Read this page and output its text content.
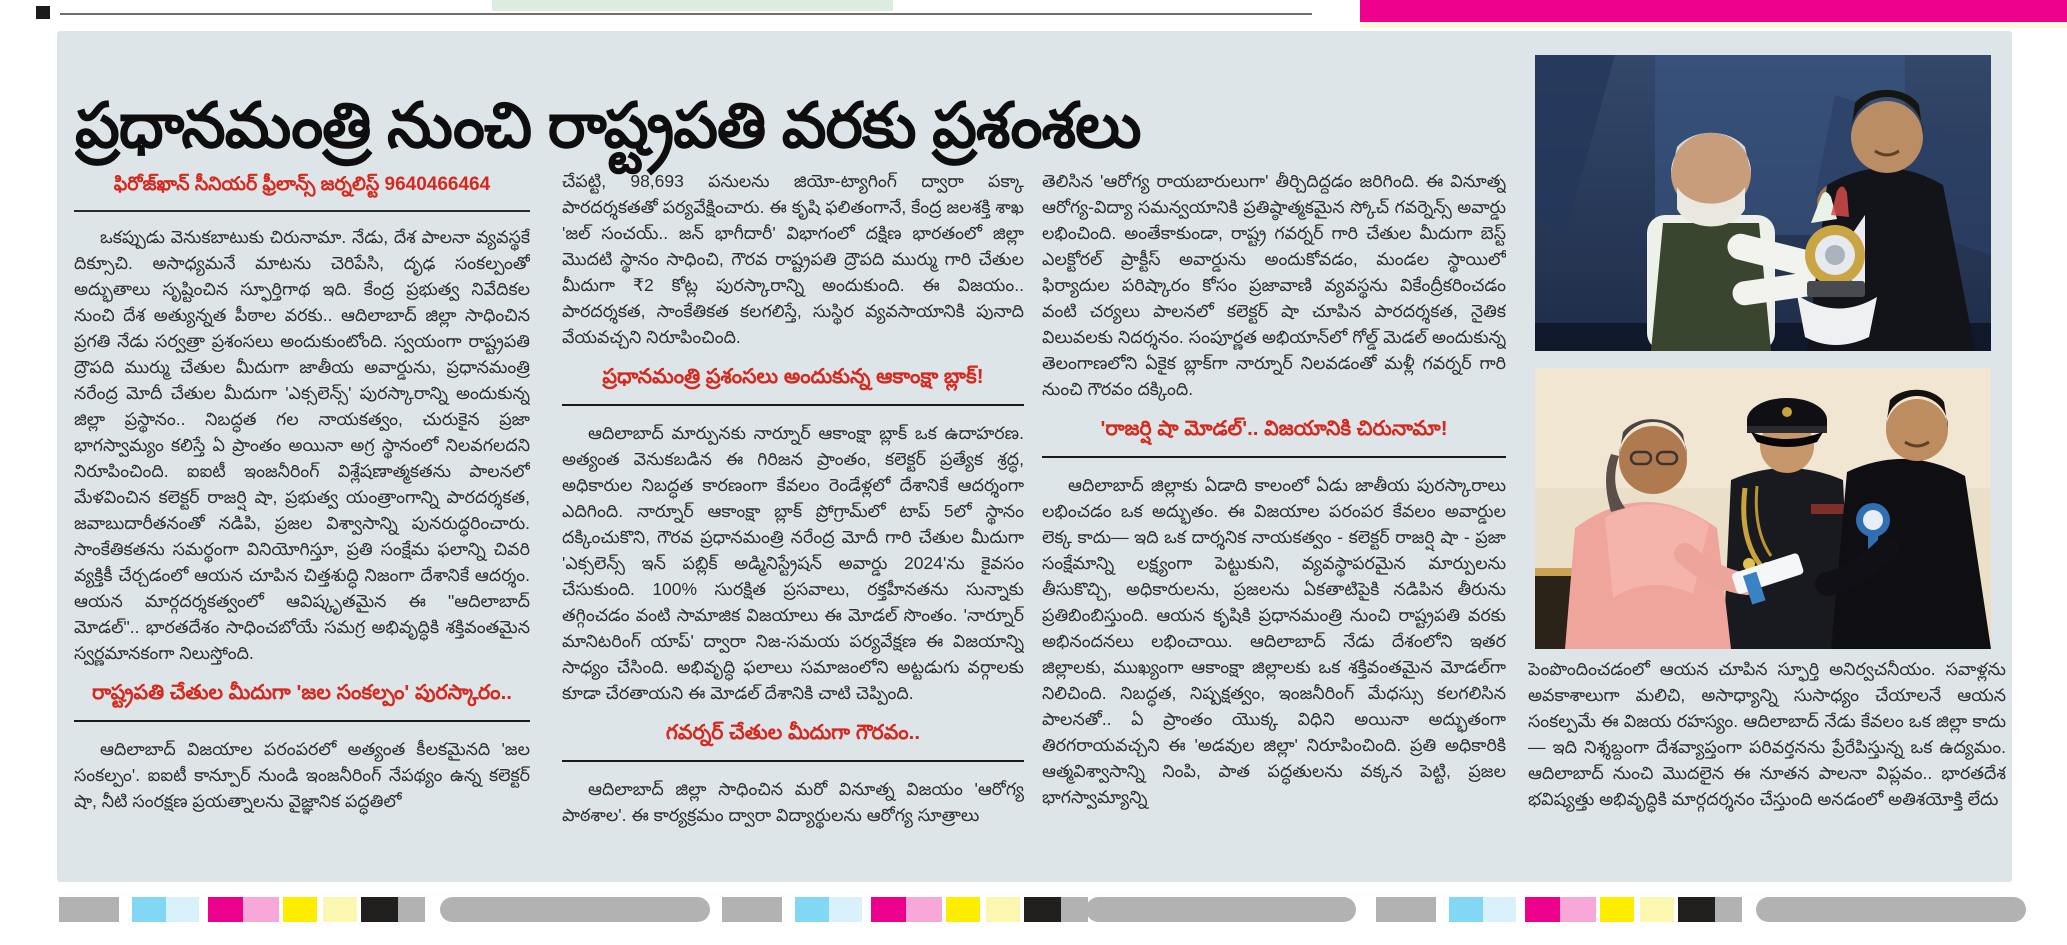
ప్రధానమంత్రి నుంచి రాష్ట్రపతి వరకు ప్రశంశలు
ఫిరోజ్‌ఖాన్ సీనియర్ ఫ్రీలాన్స్ జర్నలిస్ట్ 9640466464

ఒకప్పుడు వెనుకబాటుకు చిరునామా. నేడు, దేశ పాలనా వ్యవస్థకే దిక్సూచి. అసాధ్యమనే మాటను చెరిపేసి, దృఢ సంకల్పంతో అద్భుతాలు సృష్టించిన స్ఫూర్తిగాథ ఇది. కేంద్ర ప్రభుత్వ నివేదికల నుంచి దేశ అత్యున్నత పీఠాల వరకు.. ఆదిలాబాద్ జిల్లా సాధించిన ప్రగతి నేడు సర్వత్రా ప్రశంసలు అందుకుంటోంది. స్వయంగా రాష్ట్రపతి ద్రౌపది ముర్ము చేతుల మీదుగా జాతీయ అవార్డును, ప్రధానమంత్రి నరేంద్ర మోదీ చేతుల మీదుగా 'ఎక్సలెన్స్' పురస్కారాన్ని అందుకున్న జిల్లా ప్రస్థానం.. నిబద్ధత గల నాయకత్వం, చురుకైన ప్రజా భాగస్వామ్యం కలిస్తే ఏ ప్రాంతం అయినా అగ్ర స్థానంలో నిలవగలదని నిరూపించింది. ఐఐటీ ఇంజనీరింగ్ విశ్లేషణాత్మకతను పాలనలో మేళవించిన కలెక్టర్ రాజర్షి షా, ప్రభుత్వ యంత్రాంగాన్ని పారదర్శకత, జవాబుదారీతనంతో నడిపి, ప్రజల విశ్వాసాన్ని పునరుద్ధరించారు. సాంకేతికతను సమర్థంగా వినియోగిస్తూ, ప్రతి సంక్షేమ ఫలాన్ని చివరి వ్యక్తికీ చేర్చడంలో ఆయన చూపిన చిత్తశుద్ధి నిజంగా దేశానికే ఆదర్శం. ఆయన మార్గదర్శకత్వంలో ఆవిష్కృతమైన ఈ "ఆదిలాబాద్ మోడల్".. భారతదేశం సాధించబోయే సమగ్ర అభివృద్ధికి శక్తివంతమైన స్వర్ణమానకంగా నిలుస్తోంది.

రాష్ట్రపతి చేతుల మీదుగా 'జల సంకల్పం' పురస్కారం..

ఆదిలాబాద్ విజయాల పరంపరలో అత్యంత కీలకమైనది 'జల సంకల్పం'. ఐఐటీ కాన్పూర్ నుండి ఇంజనీరింగ్ నేపథ్యం ఉన్న కలెక్టర్ షా, నీటి సంరక్షణ ప్రయత్నాలను వైజ్ఞానిక పద్ధతిలో

చేపట్టి, 98,693 పనులను జియో-ట్యాగింగ్ ద్వారా పక్కా పారదర్శకతతో పర్యవేక్షించారు. ఈ కృషి ఫలితంగానే, కేంద్ర జలశక్తి శాఖ 'జల్ సంచయ్.. జన్ భాగీదారీ' విభాగంలో దక్షిణ భారతంలో జిల్లా మొదటి స్థానం సాధించి, గౌరవ రాష్ట్రపతి ద్రౌపది ముర్ము గారి చేతుల మీదుగా ₹2 కోట్ల పురస్కారాన్ని అందుకుంది. ఈ విజయం.. పారదర్శకత, సాంకేతికత కలగలిస్తే, సుస్థిర వ్యవసాయానికి పునాది వేయవచ్చని నిరూపించింది.

ప్రధానమంత్రి ప్రశంసలు అందుకున్న ఆకాంక్షా బ్లాక్!

ఆదిలాబాద్ మార్పునకు నార్నూర్ ఆకాంక్షా బ్లాక్ ఒక ఉదాహరణ. అత్యంత వెనుకబడిన ఈ గిరిజన ప్రాంతం, కలెక్టర్ ప్రత్యేక శ్రద్ధ, అధికారుల నిబద్ధత కారణంగా కేవలం రెండేళ్లలో దేశానికే ఆదర్శంగా ఎదిగింది. నార్నూర్ ఆకాంక్షా బ్లాక్ ప్రోగ్రామ్‌లో టాప్ 5లో స్థానం దక్కించుకొని, గౌరవ ప్రధానమంత్రి నరేంద్ర మోదీ గారి చేతుల మీదుగా 'ఎక్సలెన్స్ ఇన్ పబ్లిక్ అడ్మినిస్ట్రేషన్ అవార్డు 2024'ను కైవసం చేసుకుంది. 100% సురక్షిత ప్రసవాలు, రక్తహీనతను సున్నాకు తగ్గించడం వంటి సామాజిక విజయాలు ఈ మోడల్ సొంతం. 'నార్నూర్ మానిటరింగ్ యాప్' ద్వారా నిజ-సమయ పర్యవేక్షణ ఈ విజయాన్ని సాధ్యం చేసింది. అభివృద్ధి ఫలాలు సమాజంలోని అట్టడుగు వర్గాలకు కూడా చేరతాయని ఈ మోడల్ దేశానికి చాటి చెప్పింది.

గవర్నర్ చేతుల మీదుగా గౌరవం..

ఆదిలాబాద్ జిల్లా సాధించిన మరో వినూత్న విజయం 'ఆరోగ్య పాఠశాల'. ఈ కార్యక్రమం ద్వారా విద్యార్థులను ఆరోగ్య సూత్రాలు

తెలిసిన 'ఆరోగ్య రాయబారులుగా' తీర్చిదిద్దడం జరిగింది. ఈ వినూత్న ఆరోగ్య-విద్యా సమన్వయానికి ప్రతిష్ఠాత్మకమైన స్కోచ్ గవర్నెన్స్ అవార్డు లభించింది. అంతేకాకుండా, రాష్ట్ర గవర్నర్ గారి చేతుల మీదుగా బెస్ట్ ఎలక్టోరల్ ప్రాక్టీస్ అవార్డును అందుకోవడం, మండల స్థాయిలో ఫిర్యాదుల పరిష్కారం కోసం ప్రజావాణి వ్యవస్థను వికేంద్రీకరించడం వంటి చర్యలు పాలనలో కలెక్టర్ షా చూపిన పారదర్శకత, నైతిక విలువలకు నిదర్శనం. సంపూర్ణత అభియాన్‌లో గోల్డ్ మెడల్ అందుకున్న తెలంగాణలోని ఏకైక బ్లాక్‌గా నార్నూర్ నిలవడంతో మళ్లీ గవర్నర్ గారి నుంచి గౌరవం దక్కింది.

'రాజర్షి షా మోడల్'.. విజయానికి చిరునామా!

ఆదిలాబాద్ జిల్లాకు ఏడాది కాలంలో ఏడు జాతీయ పురస్కారాలు లభించడం ఒక అద్భుతం. ఈ విజయాల పరంపర కేవలం అవార్డుల లెక్క కాదు— ఇది ఒక దార్శనిక నాయకత్వం - కలెక్టర్ రాజర్షి షా - ప్రజా సంక్షేమాన్ని లక్ష్యంగా పెట్టుకుని, వ్యవస్థాపరమైన మార్పులను తీసుకొచ్చి, అధికారులను, ప్రజలను ఏకతాటిపైకి నడిపిన తీరును ప్రతిబింబిస్తుంది. ఆయన కృషికి ప్రధానమంత్రి నుంచి రాష్ట్రపతి వరకు అభినందనలు లభించాయి. ఆదిలాబాద్ నేడు దేశంలోని ఇతర జిల్లాలకు, ముఖ్యంగా ఆకాంక్షా జిల్లాలకు ఒక శక్తివంతమైన మోడల్‌గా నిలిచింది. నిబద్ధత, నిష్పక్షత్వం, ఇంజనీరింగ్ మేధస్సు కలగలిసిన పాలనతో.. ఏ ప్రాంతం యొక్క విధిని అయినా అద్భుతంగా తిరగరాయవచ్చని ఈ 'అడవుల జిల్లా' నిరూపించింది. ప్రతి అధికారికి ఆత్మవిశ్వాసాన్ని నింపి, పాత పద్ధతులను వక్కన పెట్టి, ప్రజల భాగస్వామ్యాన్ని

పెంపొందించడంలో ఆయన చూపిన స్ఫూర్తి అనిర్వచనీయం. సవాళ్లను అవకాశాలుగా మలిచి, అసాధ్యాన్ని సుసాధ్యం చేయాలనే ఆయన సంకల్పమే ఈ విజయ రహస్యం. ఆదిలాబాద్ నేడు కేవలం ఒక జిల్లా కాదు— ఇది నిశ్శబ్దంగా దేశవ్యాప్తంగా పరివర్తనను ప్రేరేపిస్తున్న ఒక ఉద్యమం. ఆదిలాబాద్ నుంచి మొదలైన ఈ నూతన పాలనా విప్లవం.. భారతదేశ భవిష్యత్తు అభివృద్ధికి మార్గదర్శనం చేస్తుంది అనడంలో అతిశయోక్తి లేదు
